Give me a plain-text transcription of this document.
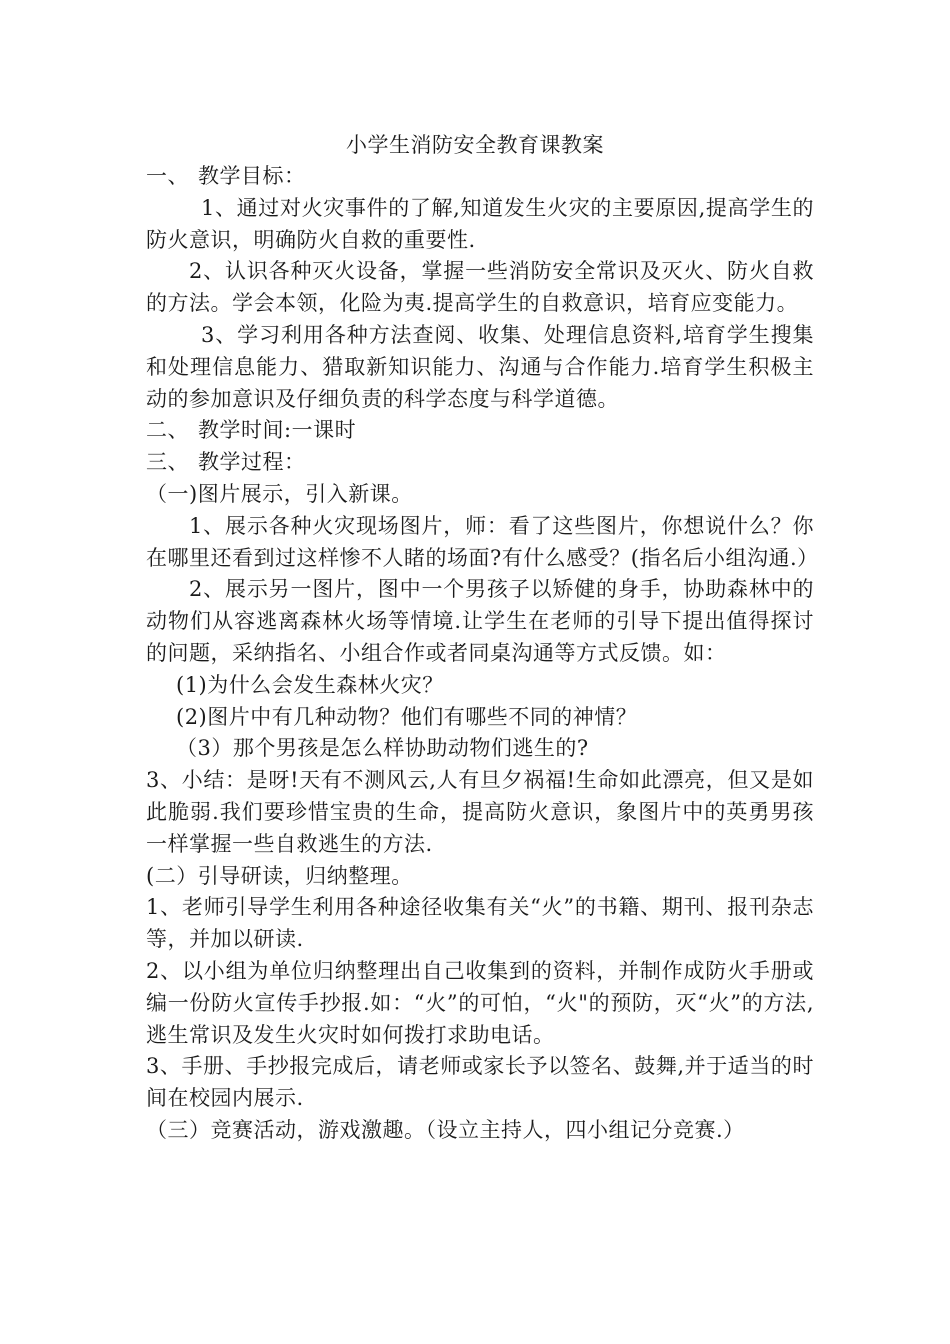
小学生消防安全教育课教案

一、 教学目标：

1、通过对火灾事件的了解,知道发生火灾的主要原因,提高学生的防火意识，明确防火自救的重要性.

2、认识各种灭火设备，掌握一些消防安全常识及灭火、防火自救的方法。学会本领，化险为夷.提高学生的自救意识，培育应变能力。

3、学习利用各种方法查阅、收集、处理信息资料,培育学生搜集和处理信息能力、猎取新知识能力、沟通与合作能力.培育学生积极主动的参加意识及仔细负责的科学态度与科学道德。

二、 教学时间:一课时

三、 教学过程：

（一)图片展示，引入新课。

1、展示各种火灾现场图片，师：看了这些图片，你想说什么？你在哪里还看到过这样惨不人睹的场面?有什么感受？(指名后小组沟通.）

2、展示另一图片，图中一个男孩子以矫健的身手，协助森林中的动物们从容逃离森林火场等情境.让学生在老师的引导下提出值得探讨的问题，采纳指名、小组合作或者同桌沟通等方式反馈。如：

(1)为什么会发生森林火灾？

(2)图片中有几种动物？他们有哪些不同的神情？

（3）那个男孩是怎么样协助动物们逃生的?

3、小结：是呀!天有不测风云,人有旦夕祸福!生命如此漂亮，但又是如此脆弱.我们要珍惜宝贵的生命，提高防火意识，象图片中的英勇男孩一样掌握一些自救逃生的方法.

(二）引导研读，归纳整理。

1、老师引导学生利用各种途径收集有关“火”的书籍、期刊、报刊杂志等，并加以研读.

2、以小组为单位归纳整理出自己收集到的资料，并制作成防火手册或编一份防火宣传手抄报.如：“火”的可怕，“火"的预防，灭“火”的方法,逃生常识及发生火灾时如何拨打求助电话。

3、手册、手抄报完成后，请老师或家长予以签名、鼓舞,并于适当的时间在校园内展示.

（三）竞赛活动，游戏激趣。（设立主持人，四小组记分竞赛.）
